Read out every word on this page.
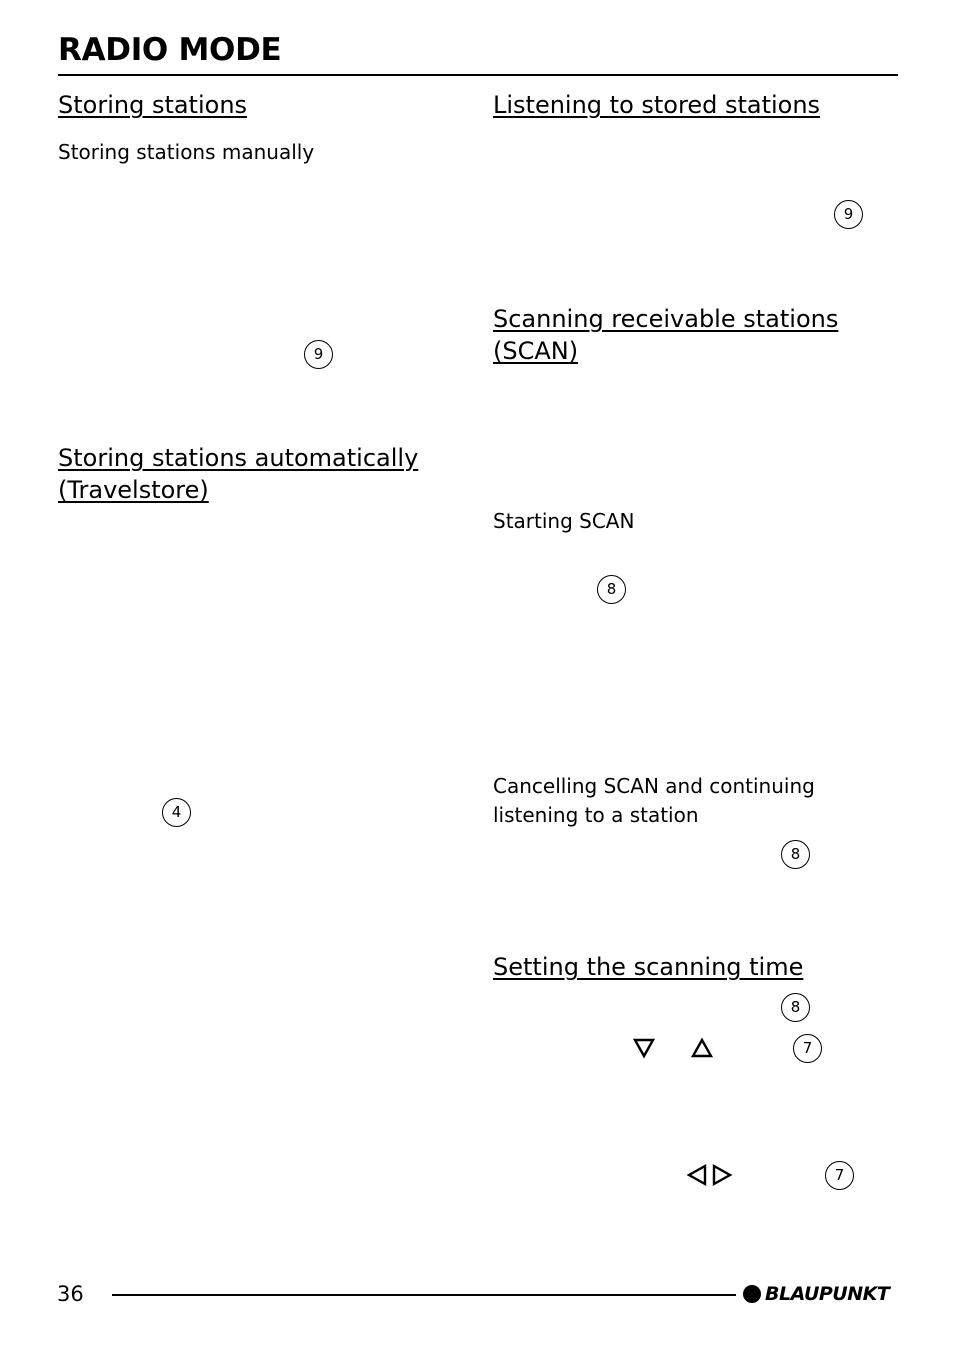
RADIO MODE
Storing stations
Storing stations manually
9
Storing stations automatically (Travelstore)
4
Listening to stored stations
9
Scanning receivable stations (SCAN)
Starting SCAN
8
Cancelling SCAN and continuing listening to a station
8
Setting the scanning time
8
7
7
36	BLAUPUNKT
